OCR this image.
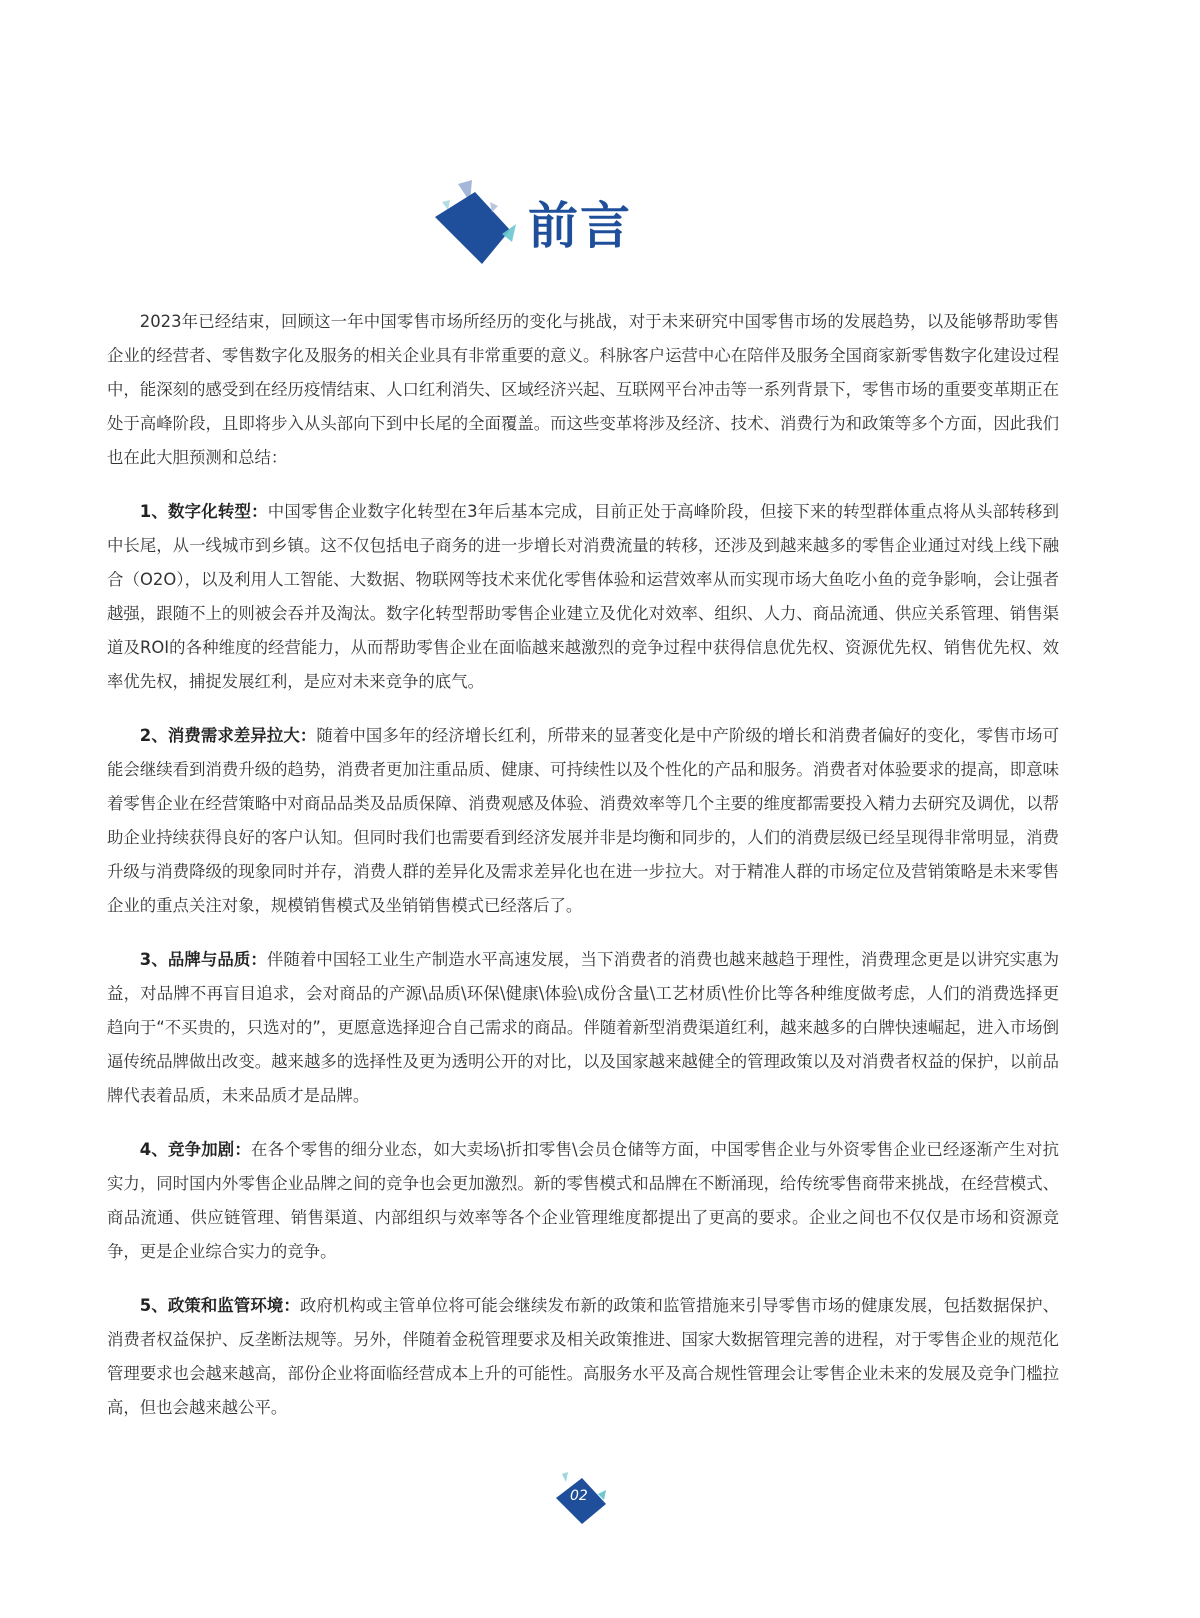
前言

2023年已经结束，回顾这一年中国零售市场所经历的变化与挑战，对于未来研究中国零售市场的发展趋势，以及能够帮助零售企业的经营者、零售数字化及服务的相关企业具有非常重要的意义。科脉客户运营中心在陪伴及服务全国商家新零售数字化建设过程中，能深刻的感受到在经历疫情结束、人口红利消失、区域经济兴起、互联网平台冲击等一系列背景下，零售市场的重要变革期正在处于高峰阶段，且即将步入从头部向下到中长尾的全面覆盖。而这些变革将涉及经济、技术、消费行为和政策等多个方面，因此我们也在此大胆预测和总结：

1、数字化转型：中国零售企业数字化转型在3年后基本完成，目前正处于高峰阶段，但接下来的转型群体重点将从头部转移到中长尾，从一线城市到乡镇。这不仅包括电子商务的进一步增长对消费流量的转移，还涉及到越来越多的零售企业通过对线上线下融合（O2O），以及利用人工智能、大数据、物联网等技术来优化零售体验和运营效率从而实现市场大鱼吃小鱼的竞争影响，会让强者越强，跟随不上的则被会吞并及淘汰。数字化转型帮助零售企业建立及优化对效率、组织、人力、商品流通、供应关系管理、销售渠道及ROI的各种维度的经营能力，从而帮助零售企业在面临越来越激烈的竞争过程中获得信息优先权、资源优先权、销售优先权、效率优先权，捕捉发展红利，是应对未来竞争的底气。

2、消费需求差异拉大：随着中国多年的经济增长红利，所带来的显著变化是中产阶级的增长和消费者偏好的变化，零售市场可能会继续看到消费升级的趋势，消费者更加注重品质、健康、可持续性以及个性化的产品和服务。消费者对体验要求的提高，即意味着零售企业在经营策略中对商品品类及品质保障、消费观感及体验、消费效率等几个主要的维度都需要投入精力去研究及调优，以帮助企业持续获得良好的客户认知。但同时我们也需要看到经济发展并非是均衡和同步的，人们的消费层级已经呈现得非常明显，消费升级与消费降级的现象同时并存，消费人群的差异化及需求差异化也在进一步拉大。对于精准人群的市场定位及营销策略是未来零售企业的重点关注对象，规模销售模式及坐销销售模式已经落后了。

3、品牌与品质：伴随着中国轻工业生产制造水平高速发展，当下消费者的消费也越来越趋于理性，消费理念更是以讲究实惠为益，对品牌不再盲目追求，会对商品的产源\品质\环保\健康\体验\成份含量\工艺材质\性价比等各种维度做考虑，人们的消费选择更趋向于“不买贵的，只选对的”，更愿意选择迎合自己需求的商品。伴随着新型消费渠道红利，越来越多的白牌快速崛起，进入市场倒逼传统品牌做出改变。越来越多的选择性及更为透明公开的对比，以及国家越来越健全的管理政策以及对消费者权益的保护，以前品牌代表着品质，未来品质才是品牌。

4、竞争加剧：在各个零售的细分业态，如大卖场\折扣零售\会员仓储等方面，中国零售企业与外资零售企业已经逐渐产生对抗实力，同时国内外零售企业品牌之间的竞争也会更加激烈。新的零售模式和品牌在不断涌现，给传统零售商带来挑战，在经营模式、商品流通、供应链管理、销售渠道、内部组织与效率等各个企业管理维度都提出了更高的要求。企业之间也不仅仅是市场和资源竞争，更是企业综合实力的竞争。

5、政策和监管环境：政府机构或主管单位将可能会继续发布新的政策和监管措施来引导零售市场的健康发展，包括数据保护、消费者权益保护、反垄断法规等。另外，伴随着金税管理要求及相关政策推进、国家大数据管理完善的进程，对于零售企业的规范化管理要求也会越来越高，部份企业将面临经营成本上升的可能性。高服务水平及高合规性管理会让零售企业未来的发展及竞争门槛拉高，但也会越来越公平。

02
